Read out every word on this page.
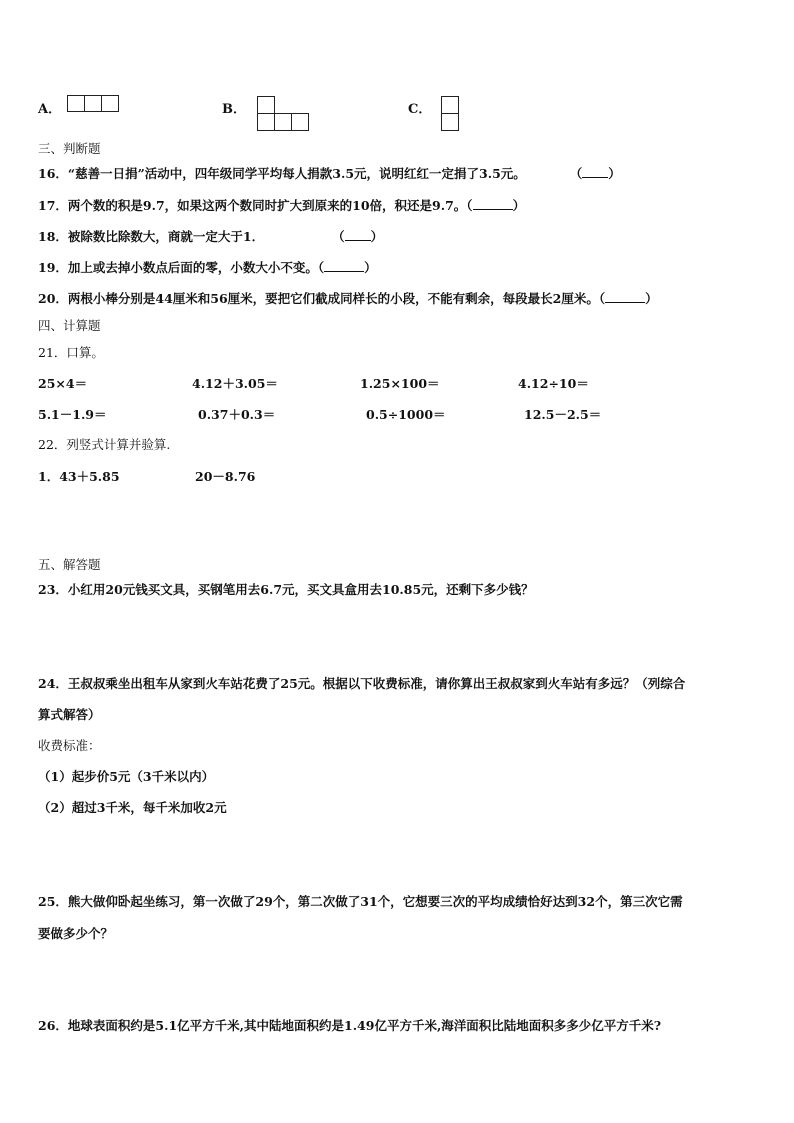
A．	B．	C．
三、判断题
16．“慈善一日捐”活动中，四年级同学平均每人捐款3.5元，说明红红一定捐了3.5元。	（ ）
17．两个数的积是9.7，如果这两个数同时扩大到原来的10倍，积还是9.7。（	）
18．被除数比除数大，商就一定大于1．	（ ）
19．加上或去掉小数点后面的零，小数大小不变。（	）
20．两根小棒分别是44厘米和56厘米，要把它们截成同样长的小段，不能有剩余，每段最长2厘米。（	）
四、计算题
21．口算。
25×4＝	4.12＋3.05＝	1.25×100＝	4.12÷10＝
5.1－1.9＝	0.37＋0.3＝	0.5÷1000＝	12.5－2.5＝
22．列竖式计算并验算.
1．43＋5.85	20－8.76
五、解答题
23．小红用20元钱买文具，买钢笔用去6.7元，买文具盒用去10.85元，还剩下多少钱？
24．王叔叔乘坐出租车从家到火车站花费了25元。根据以下收费标准，请你算出王叔叔家到火车站有多远？（列综合
算式解答）
收费标准：
（1）起步价5元（3千米以内）
（2）超过3千米，每千米加收2元
25．熊大做仰卧起坐练习，第一次做了29个，第二次做了31个，它想要三次的平均成绩恰好达到32个，第三次它需
要做多少个？
26．地球表面积约是5.1亿平方千米,其中陆地面积约是1.49亿平方千米,海洋面积比陆地面积多多少亿平方千米?
